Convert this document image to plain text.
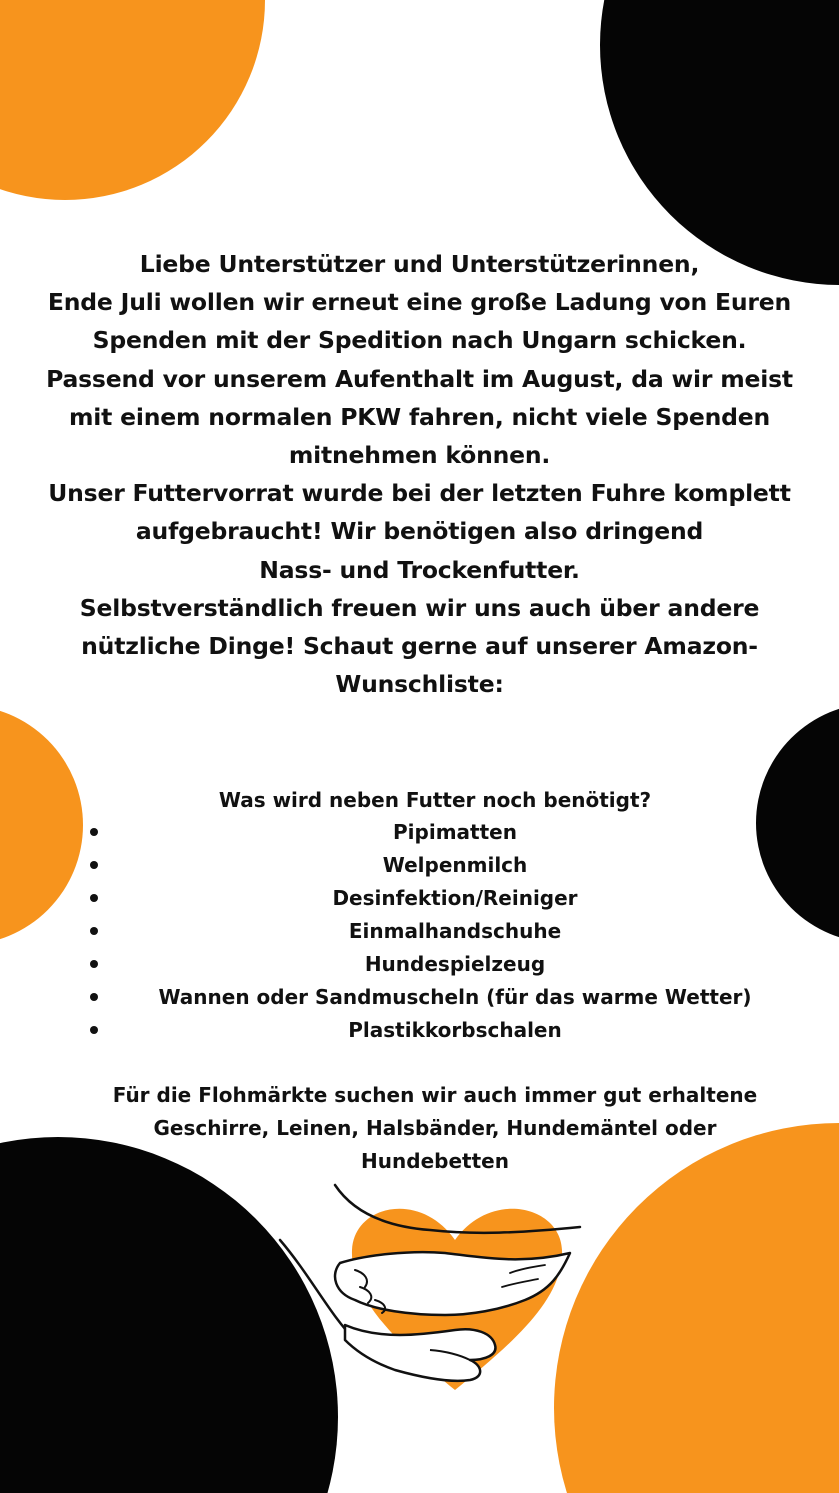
Liebe Unterstützer und Unterstützerinnen,
Ende Juli wollen wir erneut eine große Ladung von Euren
Spenden mit der Spedition nach Ungarn schicken.
Passend vor unserem Aufenthalt im August, da wir meist
mit einem normalen PKW fahren, nicht viele Spenden
mitnehmen können.
Unser Futtervorrat wurde bei der letzten Fuhre komplett
aufgebraucht! Wir benötigen also dringend
Nass- und Trockenfutter.
Selbstverständlich freuen wir uns auch über andere
nützliche Dinge! Schaut gerne auf unserer Amazon-
Wunschliste:
Was wird neben Futter noch benötigt?
Pipimatten
Welpenmilch
Desinfektion/Reiniger
Einmalhandschuhe
Hundespielzeug
Wannen oder Sandmuscheln (für das warme Wetter)
Plastikkorbschalen
Für die Flohmärkte suchen wir auch immer gut erhaltene
Geschirre, Leinen, Halsbänder, Hundemäntel oder
Hundebetten
